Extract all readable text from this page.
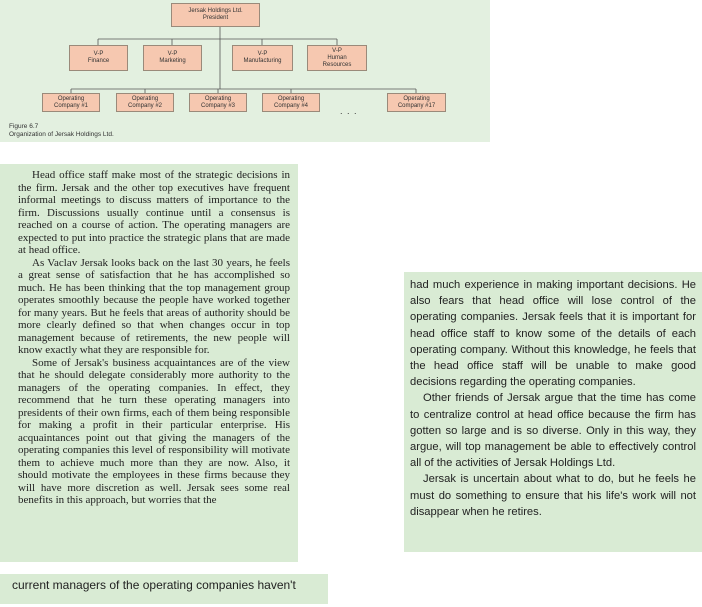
Jersak Holdings Ltd.
President
V-P
Finance
V-P
Marketing
V-P
Manufacturing
V-P
Human
Resources
Operating
Company #1
Operating
Company #2
Operating
Company #3
Operating
Company #4
Operating
Company #17
. . .
Figure 6.7
Organization of Jersak Holdings Ltd.

Head office staff make most of the strategic decisions in the firm. Jersak and the other top executives have frequent informal meetings to discuss matters of importance to the firm. Discussions usually continue until a consensus is reached on a course of action. The operating managers are expected to put into practice the strategic plans that are made at head office.

As Vaclav Jersak looks back on the last 30 years, he feels a great sense of satisfaction that he has accomplished so much. He has been thinking that the top management group operates smoothly because the people have worked together for many years. But he feels that areas of authority should be more clearly defined so that when changes occur in top management because of retirements, the new people will know exactly what they are responsible for.

Some of Jersak's business acquaintances are of the view that he should delegate considerably more authority to the managers of the operating companies. In effect, they recommend that he turn these operating managers into presidents of their own firms, each of them being responsible for making a profit in their particular enterprise. His acquaintances point out that giving the managers of the operating companies this level of responsibility will motivate them to achieve much more than they are now. Also, it should motivate the employees in these firms because they will have more discretion as well. Jersak sees some real benefits in this approach, but worries that the

had much experience in making important decisions. He also fears that head office will lose control of the operating companies. Jersak feels that it is important for head office staff to know some of the details of each operating company. Without this knowledge, he feels that the head office staff will be unable to make good decisions regarding the operating companies.

Other friends of Jersak argue that the time has come to centralize control at head office because the firm has gotten so large and is so diverse. Only in this way, they argue, will top management be able to effectively control all of the activities of Jersak Holdings Ltd.

Jersak is uncertain about what to do, but he feels he must do something to ensure that his life's work will not disappear when he retires.

current managers of the operating companies haven't
